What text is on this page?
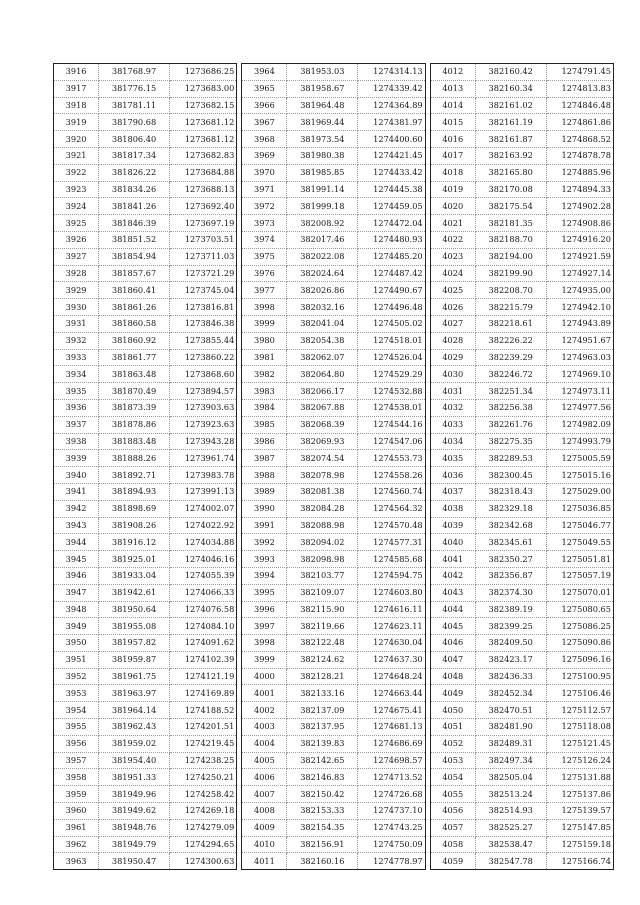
3916	381768.97	1273686.25
3917	381776.15	1273683.00
3918	381781.11	1273682.15
3919	381790.68	1273681.12
3920	381806.40	1273681.12
3921	381817.34	1273682.83
3922	381826.22	1273684.88
3923	381834.26	1273688.13
3924	381841.26	1273692.40
3925	381846.39	1273697.19
3926	381851.52	1273703.51
3927	381854.94	1273711.03
3928	381857.67	1273721.29
3929	381860.41	1273745.04
3930	381861.26	1273816.81
3931	381860.58	1273846.38
3932	381860.92	1273855.44
3933	381861.77	1273860.22
3934	381863.48	1273868.60
3935	381870.49	1273894.57
3936	381873.39	1273903.63
3937	381878.86	1273923.63
3938	381883.48	1273943.28
3939	381888.26	1273961.74
3940	381892.71	1273983.78
3941	381894.93	1273991.13
3942	381898.69	1274002.07
3943	381908.26	1274022.92
3944	381916.12	1274034.88
3945	381925.01	1274046.16
3946	381933.04	1274055.39
3947	381942.61	1274066.33
3948	381950.64	1274076.58
3949	381955.08	1274084.10
3950	381957.82	1274091.62
3951	381959.87	1274102.39
3952	381961.75	1274121.19
3953	381963.97	1274169.89
3954	381964.14	1274188.52
3955	381962.43	1274201.51
3956	381959.02	1274219.45
3957	381954.40	1274238.25
3958	381951.33	1274250.21
3959	381949.96	1274258.42
3960	381949.62	1274269.18
3961	381948.76	1274279.09
3962	381949.79	1274294.65
3963	381950.47	1274300.63
3964	381953.03	1274314.13
3965	381958.67	1274339.42
3966	381964.48	1274364.89
3967	381969.44	1274381.97
3968	381973.54	1274400.60
3969	381980.38	1274421.45
3970	381985.85	1274433.42
3971	381991.14	1274445.38
3972	381999.18	1274459.05
3973	382008.92	1274472.04
3974	382017.46	1274480.93
3975	382022.08	1274485.20
3976	382024.64	1274487.42
3977	382026.86	1274490.67
3998	382032.16	1274496.48
3999	382041.04	1274505.02
3980	382054.38	1274518.01
3981	382062.07	1274526.04
3982	382064.80	1274529.29
3983	382066.17	1274532.88
3984	382067.88	1274538.01
3985	382068.39	1274544.16
3986	382069.93	1274547.06
3987	382074.54	1274553.73
3988	382078.98	1274558.26
3989	382081.38	1274560.74
3990	382084.28	1274564.32
3991	382088.98	1274570.48
3992	382094.02	1274577.31
3993	382098.98	1274585.68
3994	382103.77	1274594.75
3995	382109.07	1274603.80
3996	382115.90	1274616.11
3997	382119.66	1274623.11
3998	382122.48	1274630.04
3999	382124.62	1274637.30
4000	382128.21	1274648.24
4001	382133.16	1274663.44
4002	382137.09	1274675.41
4003	382137.95	1274681.13
4004	382139.83	1274686.69
4005	382142.65	1274698.57
4006	382146.83	1274713.52
4007	382150.42	1274726.68
4008	382153.33	1274737.10
4009	382154.35	1274743.25
4010	382156.91	1274750.09
4011	382160.16	1274778.97
4012	382160.42	1274791.45
4013	382160.34	1274813.83
4014	382161.02	1274846.48
4015	382161.19	1274861.86
4016	382161.87	1274868.52
4017	382163.92	1274878.78
4018	382165.80	1274885.96
4019	382170.08	1274894.33
4020	382175.54	1274902.28
4021	382181.35	1274908.86
4022	382188.70	1274916.20
4023	382194.00	1274921.59
4024	382199.90	1274927.14
4025	382208.70	1274935.00
4026	382215.79	1274942.10
4027	382218.61	1274943.89
4028	382226.22	1274951.67
4029	382239.29	1274963.03
4030	382246.72	1274969.10
4031	382251.34	1274973.11
4032	382256.38	1274977.56
4033	382261.76	1274982.09
4034	382275.35	1274993.79
4035	382289.53	1275005.59
4036	382300.45	1275015.16
4037	382318.43	1275029.00
4038	382329.18	1275036.85
4039	382342.68	1275046.77
4040	382345.61	1275049.55
4041	382350.27	1275051.81
4042	382356.87	1275057.19
4043	382374.30	1275070.01
4044	382389.19	1275080.65
4045	382399.25	1275086.25
4046	382409.50	1275090.86
4047	382423.17	1275096.16
4048	382436.33	1275100.95
4049	382452.34	1275106.46
4050	382470.51	1275112.57
4051	382481.90	1275118.08
4052	382489.31	1275121.45
4053	382497.34	1275126.24
4054	382505.04	1275131.88
4055	382513.24	1275137.86
4056	382514.93	1275139.57
4057	382525.27	1275147.85
4058	382538.47	1275159.18
4059	382547.78	1275166.74
